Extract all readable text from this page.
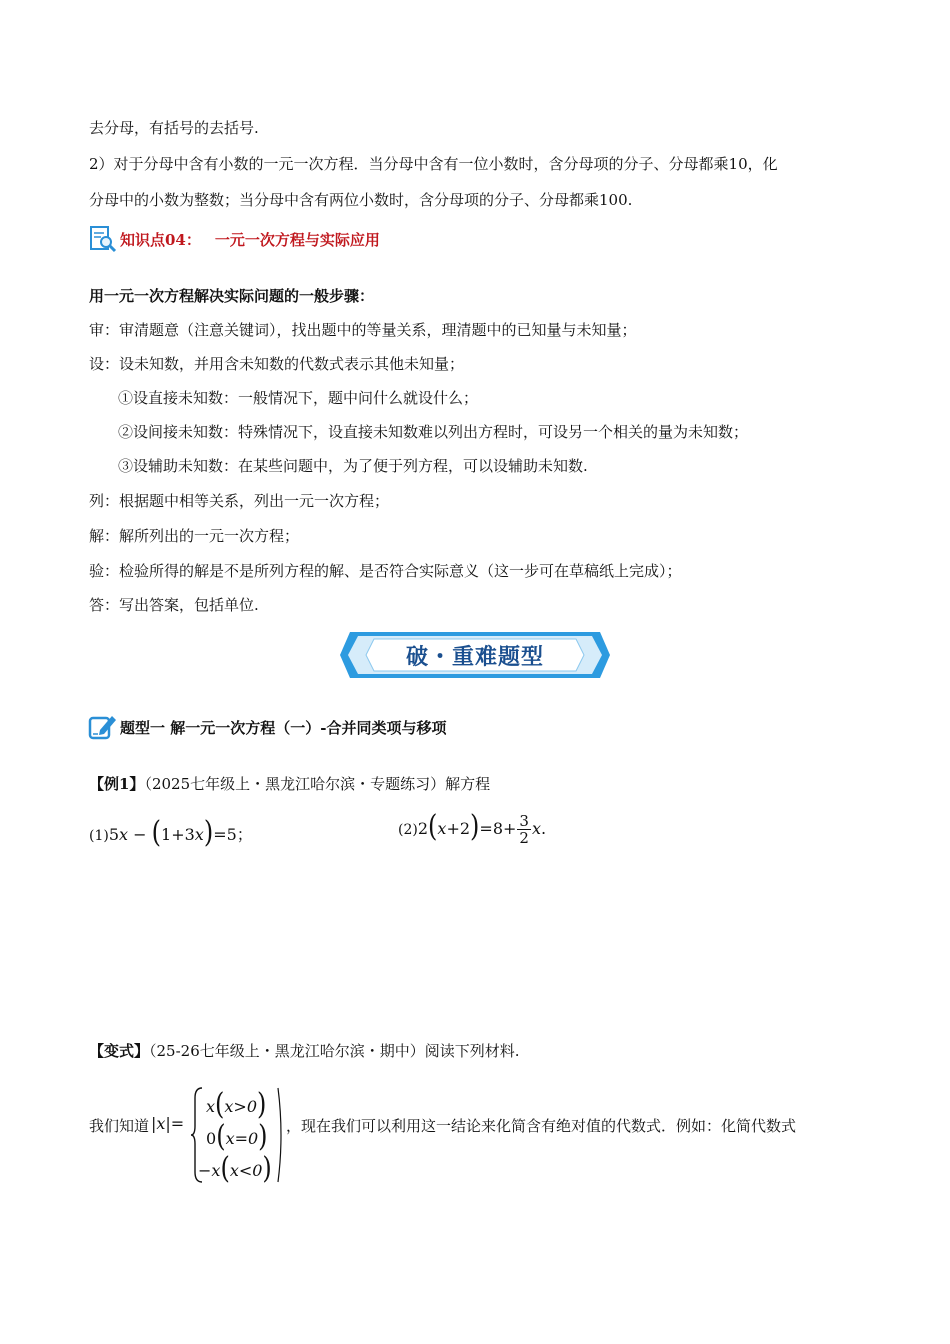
去分母，有括号的去括号.
2）对于分母中含有小数的一元一次方程．当分母中含有一位小数时，含分母项的分子、分母都乘10，化
分母中的小数为整数；当分母中含有两位小数时，含分母项的分子、分母都乘100.
知识点04： 一元一次方程与实际应用
用一元一次方程解决实际问题的一般步骤：
审：审清题意（注意关键词），找出题中的等量关系，理清题中的已知量与未知量；
设：设未知数，并用含未知数的代数式表示其他未知量；
①设直接未知数：一般情况下，题中问什么就设什么；
②设间接未知数：特殊情况下，设直接未知数难以列出方程时，可设另一个相关的量为未知数；
③设辅助未知数：在某些问题中，为了便于列方程，可以设辅助未知数.
列：根据题中相等关系，列出一元一次方程；
解：解所列出的一元一次方程；
验：检验所得的解是不是所列方程的解、是否符合实际意义（这一步可在草稿纸上完成）；
答：写出答案，包括单位.
破・重难题型
题型一 解一元一次方程（一）-合并同类项与移项
【例1】（2025七年级上・黑龙江哈尔滨・专题练习）解方程
(1)5x − (1+3x)=5；	$(2)2(x+2)=8+ \frac{3}{2} x$.
【变式】（25-26七年级上・黑龙江哈尔滨・期中）阅读下列材料.
我们知道 |x|=
x(x>0)
0(x=0)
−x(x<0)
，现在我们可以利用这一结论来化简含有绝对值的代数式．例如：化简代数式
